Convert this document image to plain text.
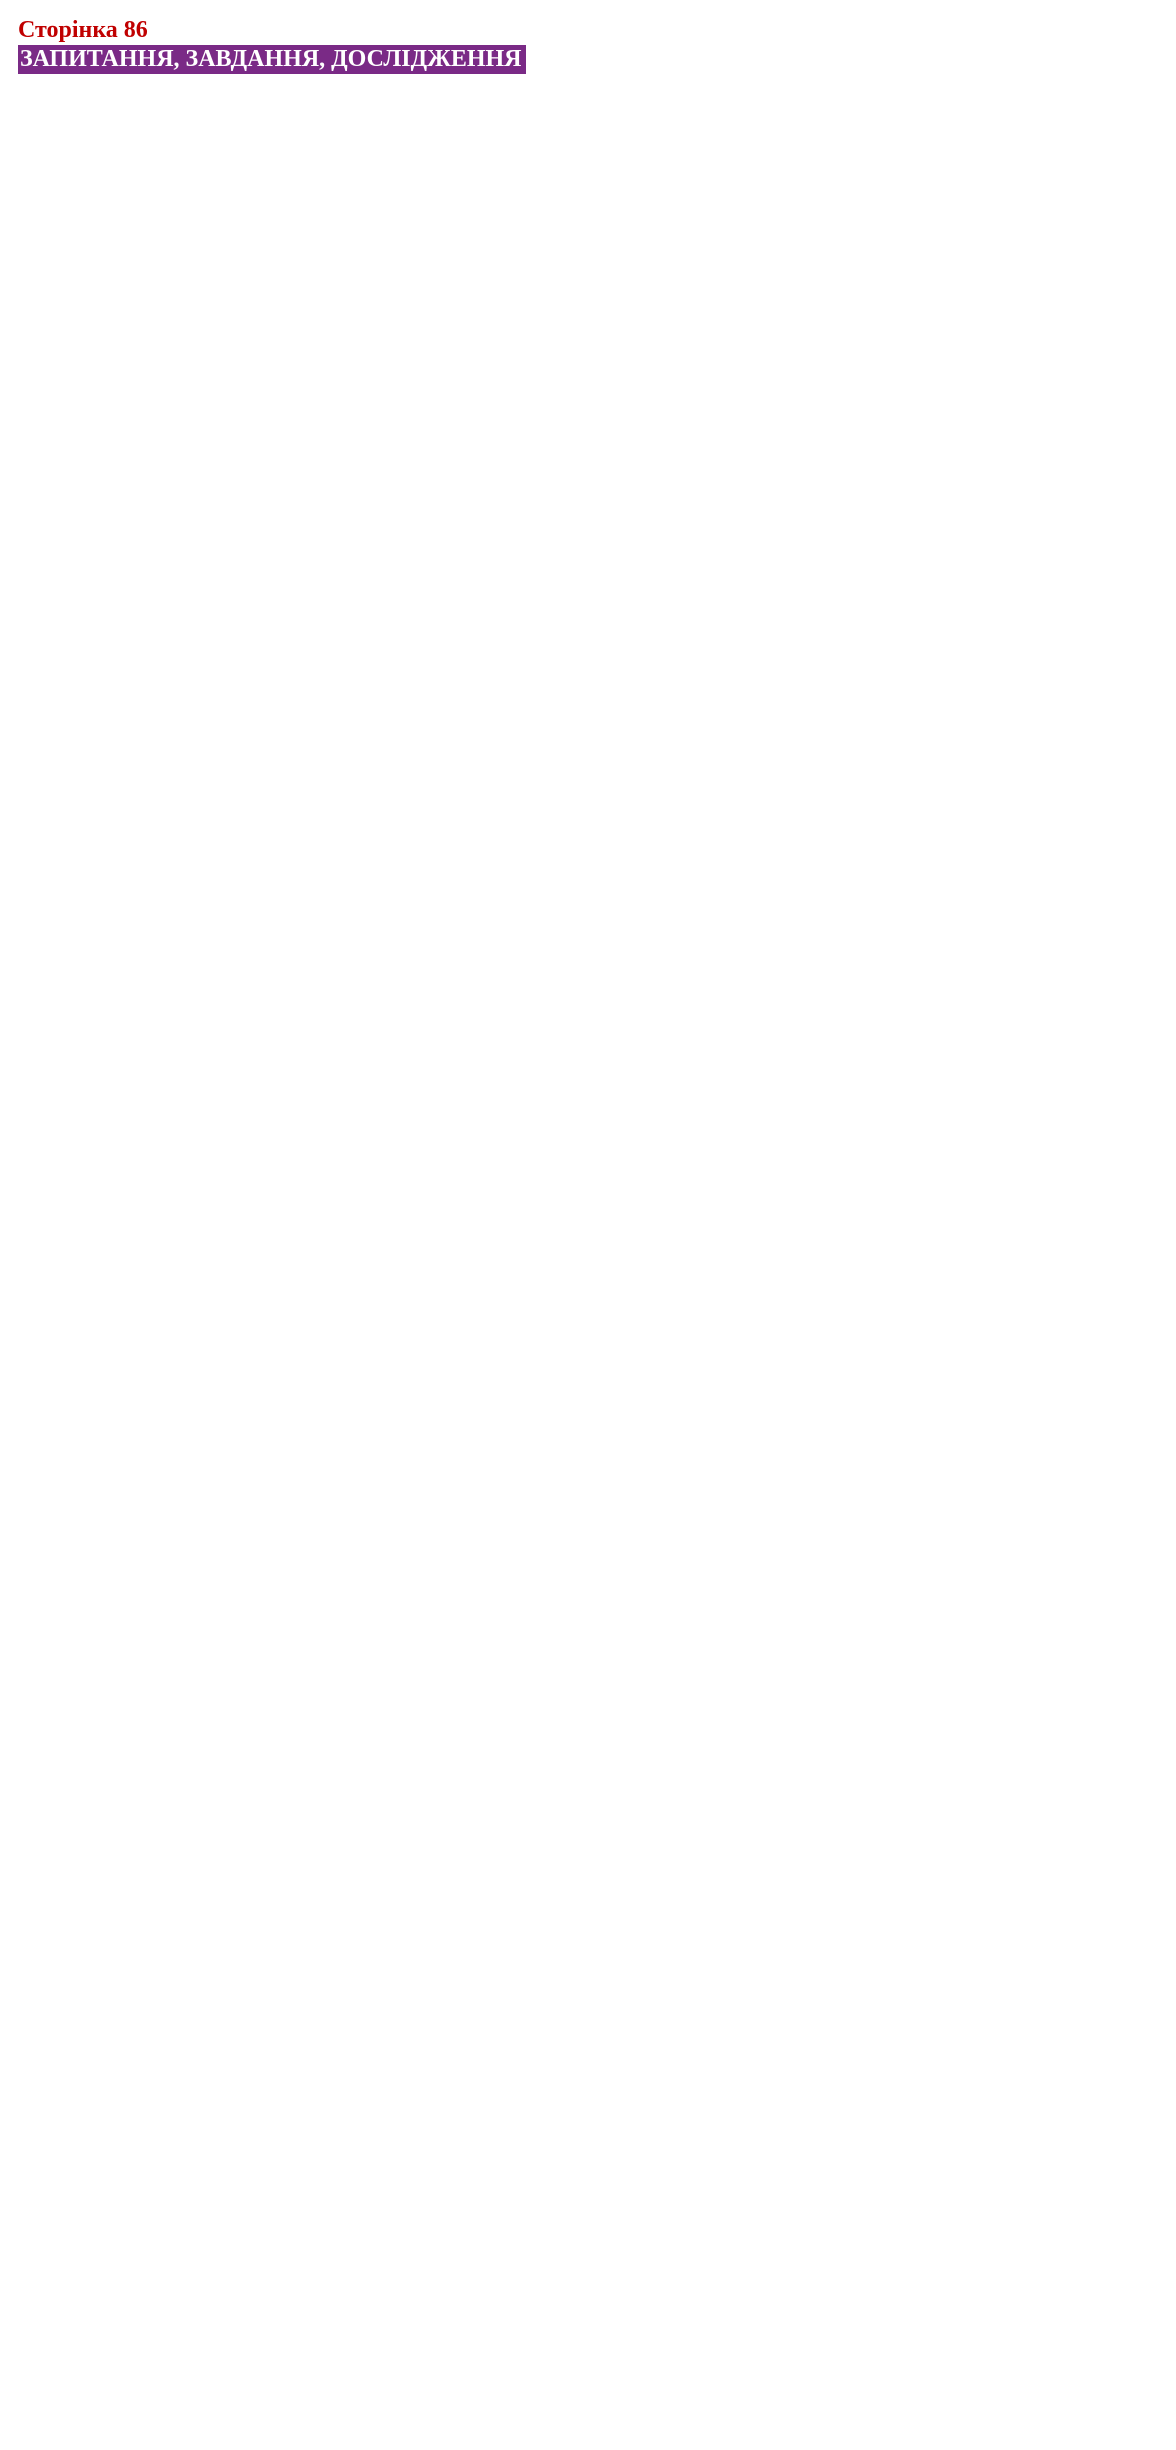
Сторінка 86

ЗАПИТАННЯ, ЗАВДАННЯ, ДОСЛІДЖЕННЯ
